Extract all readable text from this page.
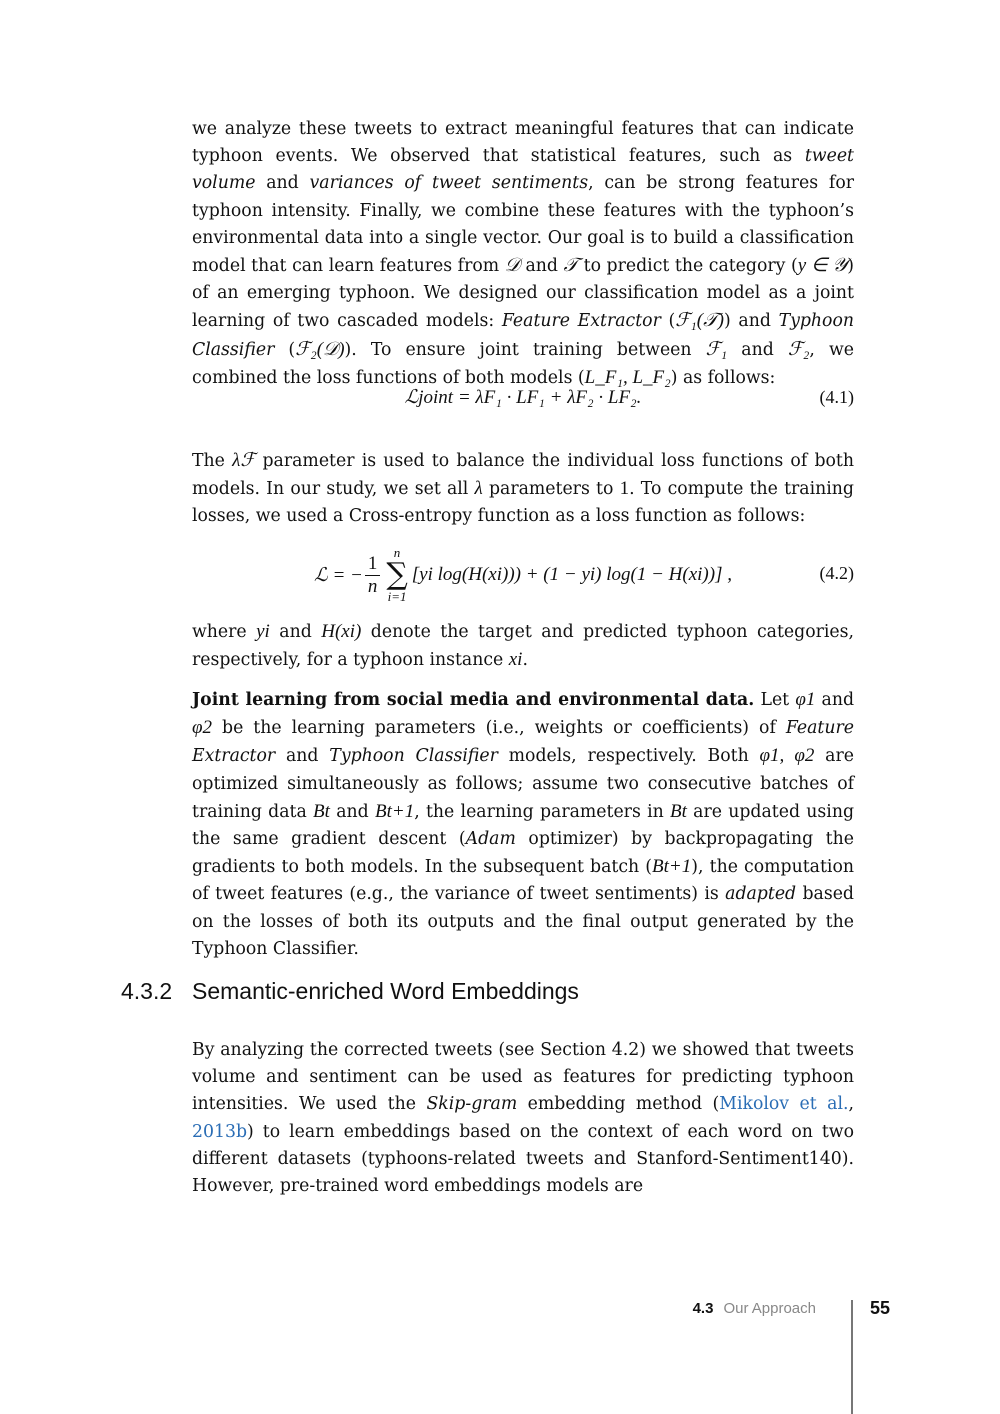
we analyze these tweets to extract meaningful features that can indicate typhoon events. We observed that statistical features, such as tweet volume and variances of tweet sentiments, can be strong features for typhoon intensity. Finally, we combine these features with the typhoon’s environmental data into a single vector. Our goal is to build a classification model that can learn features from 𝒟 and 𝒯 to predict the category (y ∈ 𝒴) of an emerging typhoon. We designed our classification model as a joint learning of two cascaded models: Feature Extractor (ℱ₁(𝒯)) and Typhoon Classifier (ℱ₂(𝒟)). To ensure joint training between ℱ₁ and ℱ₂, we combined the loss functions of both models (L_F₁, L_F₂) as follows:

ℒjoint = λF₁ · LF₁ + λF₂ · LF₂.	(4.1)

The λℱ parameter is used to balance the individual loss functions of both models. In our study, we set all λ parameters to 1. To compute the training losses, we used a Cross-entropy function as a loss function as follows:

ℒ = − $\frac{1}{n}$	n
∑
i=1
[yi log(H(xi))) + (1 − yi) log(1 − H(xi))] ,	(4.2)

where yi and H(xi) denote the target and predicted typhoon categories, respectively, for a typhoon instance xi.

Joint learning from social media and environmental data. Let φ1 and φ2 be the learning parameters (i.e., weights or coefficients) of Feature Extractor and Typhoon Classifier models, respectively. Both φ1, φ2 are optimized simultaneously as follows; assume two consecutive batches of training data Bt and Bt+1, the learning parameters in Bt are updated using the same gradient descent (Adam optimizer) by backpropagating the gradients to both models. In the subsequent batch (Bt+1), the computation of tweet features (e.g., the variance of tweet sentiments) is adapted based on the losses of both its outputs and the final output generated by the Typhoon Classifier.

4.3.2 Semantic-enriched Word Embeddings

By analyzing the corrected tweets (see Section 4.2) we showed that tweets volume and sentiment can be used as features for predicting typhoon intensities. We used the Skip-gram embedding method (Mikolov et al., 2013b) to learn embeddings based on the context of each word on two different datasets (typhoons-related tweets and Stanford-Sentiment140). However, pre-trained word embeddings models are

4.3 Our Approach	55
